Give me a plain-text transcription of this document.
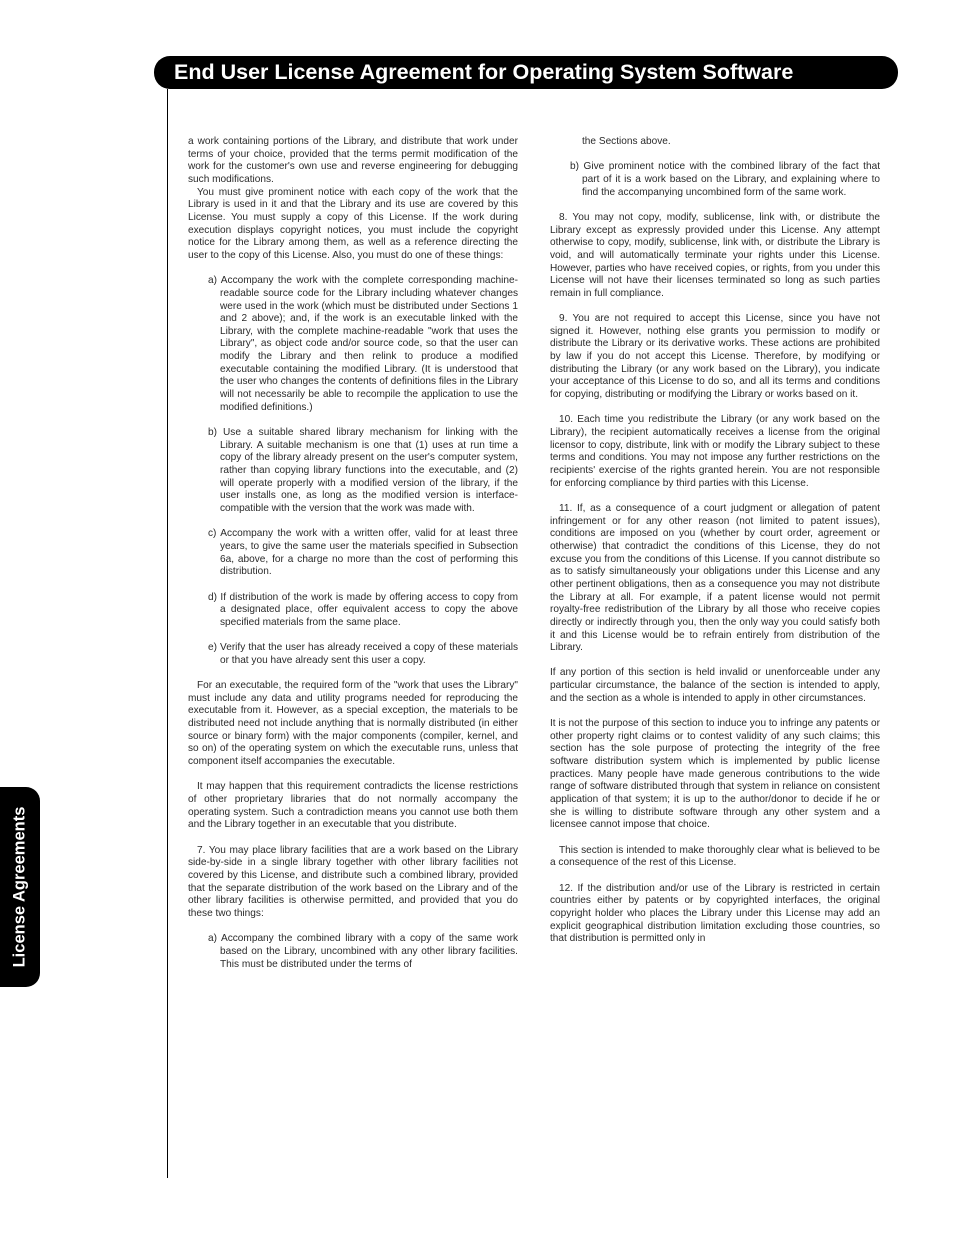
End User License Agreement for Operating System Software
License Agreements

a work containing portions of the Library, and distribute that work under terms of your choice, provided that the terms permit modification of the work for the customer's own use and reverse engineering for debugging such modifications.

You must give prominent notice with each copy of the work that the Library is used in it and that the Library and its use are covered by this License. You must supply a copy of this License. If the work during execution displays copyright notices, you must include the copyright notice for the Library among them, as well as a reference directing the user to the copy of this License. Also, you must do one of these things:

a) Accompany the work with the complete corresponding machine-readable source code for the Library including whatever changes were used in the work (which must be distributed under Sections 1 and 2 above); and, if the work is an executable linked with the Library, with the complete machine-readable "work that uses the Library", as object code and/or source code, so that the user can modify the Library and then relink to produce a modified executable containing the modified Library. (It is understood that the user who changes the contents of definitions files in the Library will not necessarily be able to recompile the application to use the modified definitions.)

b) Use a suitable shared library mechanism for linking with the Library. A suitable mechanism is one that (1) uses at run time a copy of the library already present on the user's computer system, rather than copying library functions into the executable, and (2) will operate properly with a modified version of the library, if the user installs one, as long as the modified version is interface-compatible with the version that the work was made with.

c) Accompany the work with a written offer, valid for at least three years, to give the same user the materials specified in Subsection 6a, above, for a charge no more than the cost of performing this distribution.

d) If distribution of the work is made by offering access to copy from a designated place, offer equivalent access to copy the above specified materials from the same place.

e) Verify that the user has already received a copy of these materials or that you have already sent this user a copy.

For an executable, the required form of the "work that uses the Library" must include any data and utility programs needed for reproducing the executable from it. However, as a special exception, the materials to be distributed need not include anything that is normally distributed (in either source or binary form) with the major components (compiler, kernel, and so on) of the operating system on which the executable runs, unless that component itself accompanies the executable.

It may happen that this requirement contradicts the license restrictions of other proprietary libraries that do not normally accompany the operating system. Such a contradiction means you cannot use both them and the Library together in an executable that you distribute.

7. You may place library facilities that are a work based on the Library side-by-side in a single library together with other library facilities not covered by this License, and distribute such a combined library, provided that the separate distribution of the work based on the Library and of the other library facilities is otherwise permitted, and provided that you do these two things:

a) Accompany the combined library with a copy of the same work based on the Library, uncombined with any other library facilities. This must be distributed under the terms of

the Sections above.

b) Give prominent notice with the combined library of the fact that part of it is a work based on the Library, and explaining where to find the accompanying uncombined form of the same work.

8. You may not copy, modify, sublicense, link with, or distribute the Library except as expressly provided under this License. Any attempt otherwise to copy, modify, sublicense, link with, or distribute the Library is void, and will automatically terminate your rights under this License. However, parties who have received copies, or rights, from you under this License will not have their licenses terminated so long as such parties remain in full compliance.

9. You are not required to accept this License, since you have not signed it. However, nothing else grants you permission to modify or distribute the Library or its derivative works. These actions are prohibited by law if you do not accept this License. Therefore, by modifying or distributing the Library (or any work based on the Library), you indicate your acceptance of this License to do so, and all its terms and conditions for copying, distributing or modifying the Library or works based on it.

10. Each time you redistribute the Library (or any work based on the Library), the recipient automatically receives a license from the original licensor to copy, distribute, link with or modify the Library subject to these terms and conditions. You may not impose any further restrictions on the recipients' exercise of the rights granted herein. You are not responsible for enforcing compliance by third parties with this License.

11. If, as a consequence of a court judgment or allegation of patent infringement or for any other reason (not limited to patent issues), conditions are imposed on you (whether by court order, agreement or otherwise) that contradict the conditions of this License, they do not excuse you from the conditions of this License. If you cannot distribute so as to satisfy simultaneously your obligations under this License and any other pertinent obligations, then as a consequence you may not distribute the Library at all. For example, if a patent license would not permit royalty-free redistribution of the Library by all those who receive copies directly or indirectly through you, then the only way you could satisfy both it and this License would be to refrain entirely from distribution of the Library.

If any portion of this section is held invalid or unenforceable under any particular circumstance, the balance of the section is intended to apply, and the section as a whole is intended to apply in other circumstances.

It is not the purpose of this section to induce you to infringe any patents or other property right claims or to contest validity of any such claims; this section has the sole purpose of protecting the integrity of the free software distribution system which is implemented by public license practices. Many people have made generous contributions to the wide range of software distributed through that system in reliance on consistent application of that system; it is up to the author/donor to decide if he or she is willing to distribute software through any other system and a licensee cannot impose that choice.

This section is intended to make thoroughly clear what is believed to be a consequence of the rest of this License.

12. If the distribution and/or use of the Library is restricted in certain countries either by patents or by copyrighted interfaces, the original copyright holder who places the Library under this License may add an explicit geographical distribution limitation excluding those countries, so that distribution is permitted only in
